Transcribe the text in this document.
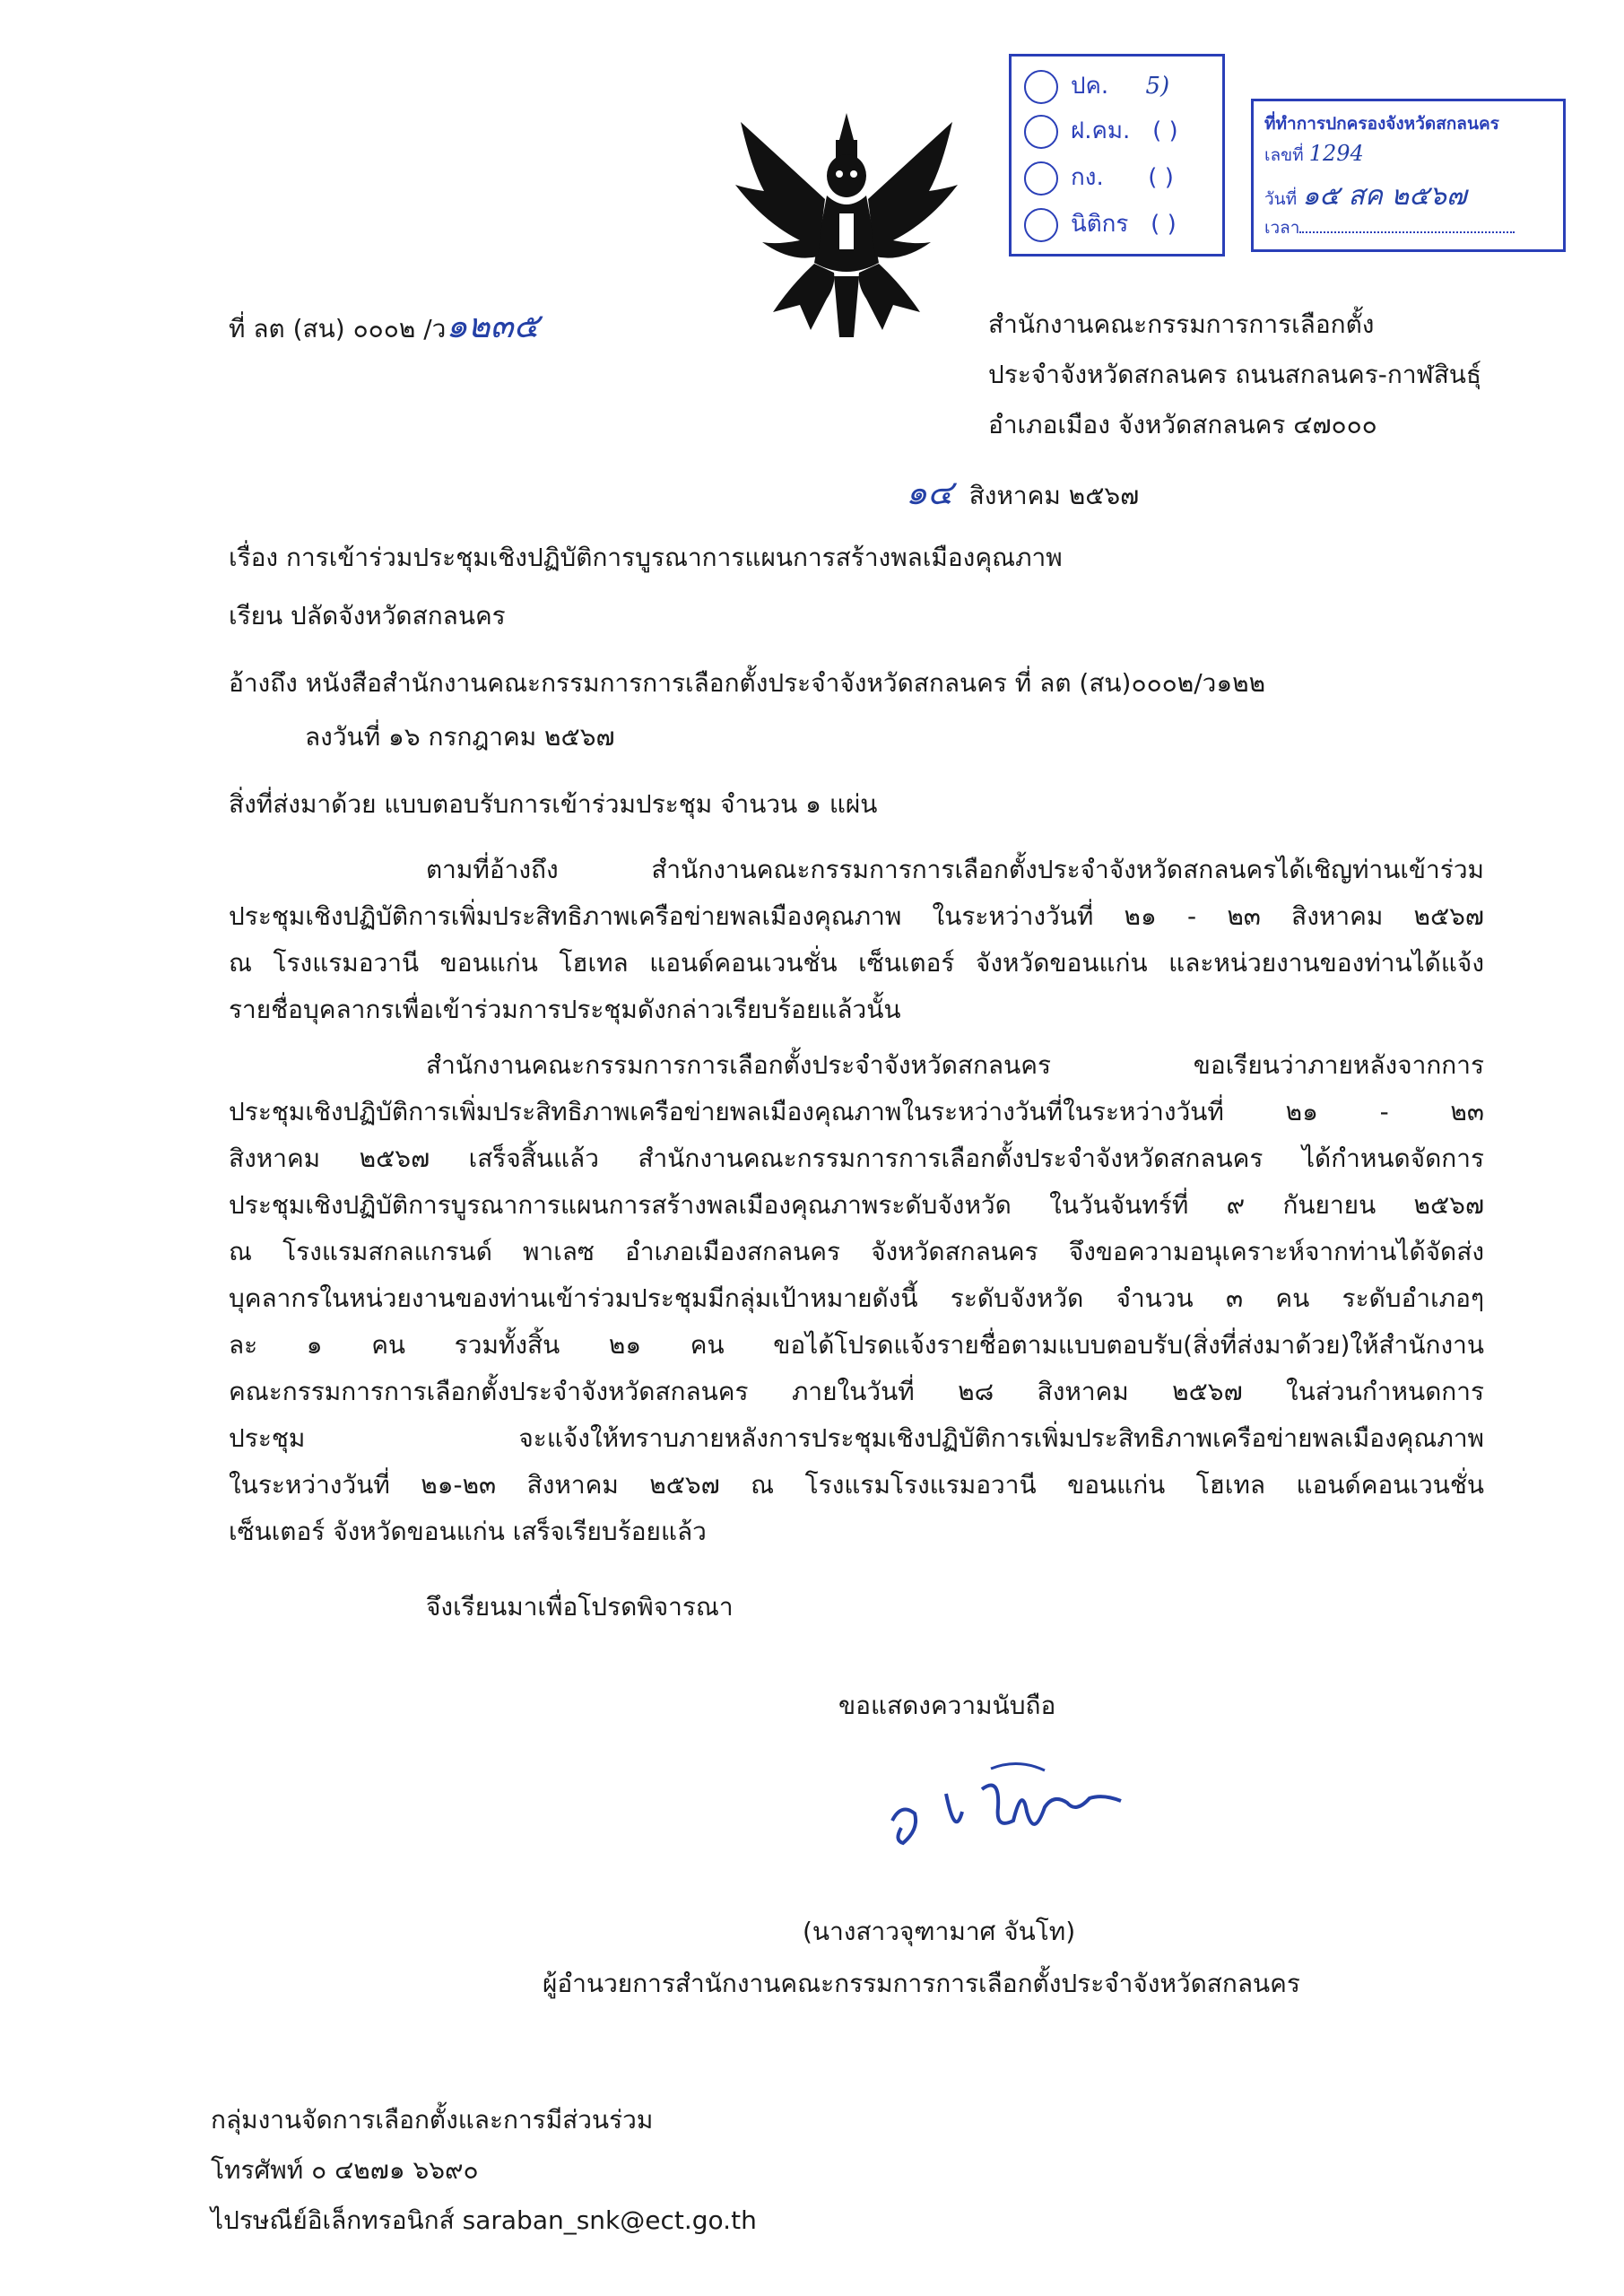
ปค. 5)
ฝ.คม. ( )
กง. ( )
นิติกร ( )
ที่ทำการปกครองจังหวัดสกลนคร
เลขที่ 1294
วันที่ ๑๕ สค ๒๕๖๗
เวลา
ที่ ลต (สน) ๐๐๐๒ /ว๑๒๓๕	สำนักงานคณะกรรมการการเลือกตั้ง
ประจำจังหวัดสกลนคร ถนนสกลนคร-กาฬสินธุ์
อำเภอเมือง จังหวัดสกลนคร ๔๗๐๐๐
๑๔ สิงหาคม ๒๕๖๗
เรื่อง การเข้าร่วมประชุมเชิงปฏิบัติการบูรณาการแผนการสร้างพลเมืองคุณภาพ
เรียน ปลัดจังหวัดสกลนคร
อ้างถึง หนังสือสำนักงานคณะกรรมการการเลือกตั้งประจำจังหวัดสกลนคร ที่ ลต (สน)๐๐๐๒/ว๑๒๒
ลงวันที่ ๑๖ กรกฎาคม ๒๕๖๗
สิ่งที่ส่งมาด้วย แบบตอบรับการเข้าร่วมประชุม จำนวน ๑ แผ่น
ตามที่อ้างถึง สำนักงานคณะกรรมการการเลือกตั้งประจำจังหวัดสกลนครได้เชิญท่านเข้าร่วม
ประชุมเชิงปฏิบัติการเพิ่มประสิทธิภาพเครือข่ายพลเมืองคุณภาพ ในระหว่างวันที่ ๒๑ - ๒๓ สิงหาคม ๒๕๖๗
ณ โรงแรมอวานี ขอนแก่น โฮเทล แอนด์คอนเวนชั่น เซ็นเตอร์ จังหวัดขอนแก่น และหน่วยงานของท่านได้แจ้ง
รายชื่อบุคลากรเพื่อเข้าร่วมการประชุมดังกล่าวเรียบร้อยแล้วนั้น
สำนักงานคณะกรรมการการเลือกตั้งประจำจังหวัดสกลนคร ขอเรียนว่าภายหลังจากการ
ประชุมเชิงปฏิบัติการเพิ่มประสิทธิภาพเครือข่ายพลเมืองคุณภาพในระหว่างวันที่ในระหว่างวันที่ ๒๑ - ๒๓
สิงหาคม ๒๕๖๗ เสร็จสิ้นแล้ว สำนักงานคณะกรรมการการเลือกตั้งประจำจังหวัดสกลนคร ได้กำหนดจัดการ
ประชุมเชิงปฏิบัติการบูรณาการแผนการสร้างพลเมืองคุณภาพระดับจังหวัด ในวันจันทร์ที่ ๙ กันยายน ๒๕๖๗
ณ โรงแรมสกลแกรนด์ พาเลซ อำเภอเมืองสกลนคร จังหวัดสกลนคร จึงขอความอนุเคราะห์จากท่านได้จัดส่ง
บุคลากรในหน่วยงานของท่านเข้าร่วมประชุมมีกลุ่มเป้าหมายดังนี้ ระดับจังหวัด จำนวน ๓ คน ระดับอำเภอๆ
ละ ๑ คน รวมทั้งสิ้น ๒๑ คน ขอได้โปรดแจ้งรายชื่อตามแบบตอบรับ(สิ่งที่ส่งมาด้วย)ให้สำนักงาน
คณะกรรมการการเลือกตั้งประจำจังหวัดสกลนคร ภายในวันที่ ๒๘ สิงหาคม ๒๕๖๗ ในส่วนกำหนดการ
ประชุม จะแจ้งให้ทราบภายหลังการประชุมเชิงปฏิบัติการเพิ่มประสิทธิภาพเครือข่ายพลเมืองคุณภาพ
ในระหว่างวันที่ ๒๑-๒๓ สิงหาคม ๒๕๖๗ ณ โรงแรมโรงแรมอวานี ขอนแก่น โฮเทล แอนด์คอนเวนชั่น
เซ็นเตอร์ จังหวัดขอนแก่น เสร็จเรียบร้อยแล้ว
จึงเรียนมาเพื่อโปรดพิจารณา
ขอแสดงความนับถือ
(นางสาวจุฑามาศ จันโท)
ผู้อำนวยการสำนักงานคณะกรรมการการเลือกตั้งประจำจังหวัดสกลนคร
กลุ่มงานจัดการเลือกตั้งและการมีส่วนร่วม
โทรศัพท์ ๐ ๔๒๗๑ ๖๖๙๐
ไปรษณีย์อิเล็กทรอนิกส์ saraban_snk@ect.go.th
